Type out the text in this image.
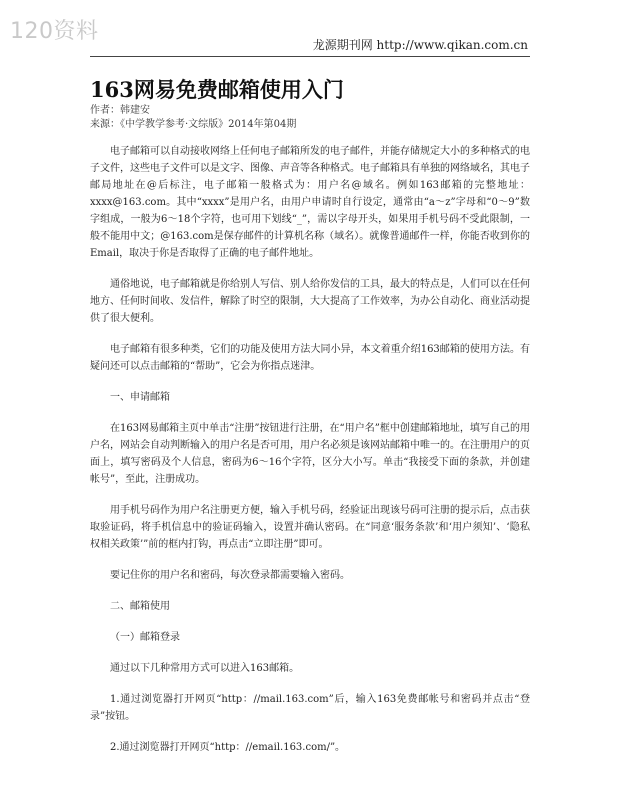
120资料
龙源期刊网 http://www.qikan.com.cn
163网易免费邮箱使用入门
作者：韩建安
来源：《中学教学参考·文综版》2014年第04期

电子邮箱可以自动接收网络上任何电子邮箱所发的电子邮件，并能存储规定大小的多种格式的电子文件，这些电子文件可以是文字、图像、声音等各种格式。电子邮箱具有单独的网络域名，其电子邮局地址在@后标注，电子邮箱一般格式为：用户名@域名。例如163邮箱的完整地址：xxxx@163.com。其中“xxxx”是用户名，由用户申请时自行设定，通常由“a～z”字母和“0～9”数字组成，一般为6～18个字符，也可用下划线“_”，需以字母开头，如果用手机号码不受此限制，一般不能用中文；@163.com是保存邮件的计算机名称（域名）。就像普通邮件一样，你能否收到你的Email，取决于你是否取得了正确的电子邮件地址。

通俗地说，电子邮箱就是你给别人写信、别人给你发信的工具，最大的特点是，人们可以在任何地方、任何时间收、发信件，解除了时空的限制，大大提高了工作效率，为办公自动化、商业活动提供了很大便利。

电子邮箱有很多种类，它们的功能及使用方法大同小异，本文着重介绍163邮箱的使用方法。有疑问还可以点击邮箱的“帮助”，它会为你指点迷津。

一、申请邮箱

在163网易邮箱主页中单击“注册”按钮进行注册，在“用户名”框中创建邮箱地址，填写自己的用户名，网站会自动判断输入的用户名是否可用，用户名必须是该网站邮箱中唯一的。在注册用户的页面上，填写密码及个人信息，密码为6～16个字符，区分大小写。单击“我接受下面的条款，并创建帐号”，至此，注册成功。

用手机号码作为用户名注册更方便，输入手机号码，经验证出现该号码可注册的提示后，点击获取验证码，将手机信息中的验证码输入，设置并确认密码。在“同意‘服务条款’和‘用户须知’、‘隐私权相关政策’”前的框内打钩，再点击“立即注册”即可。

要记住你的用户名和密码，每次登录都需要输入密码。

二、邮箱使用

（一）邮箱登录

通过以下几种常用方式可以进入163邮箱。

1.通过浏览器打开网页“http：//mail.163.com”后，输入163免费邮帐号和密码并点击“登录”按钮。

2.通过浏览器打开网页“http：//email.163.com/”。
